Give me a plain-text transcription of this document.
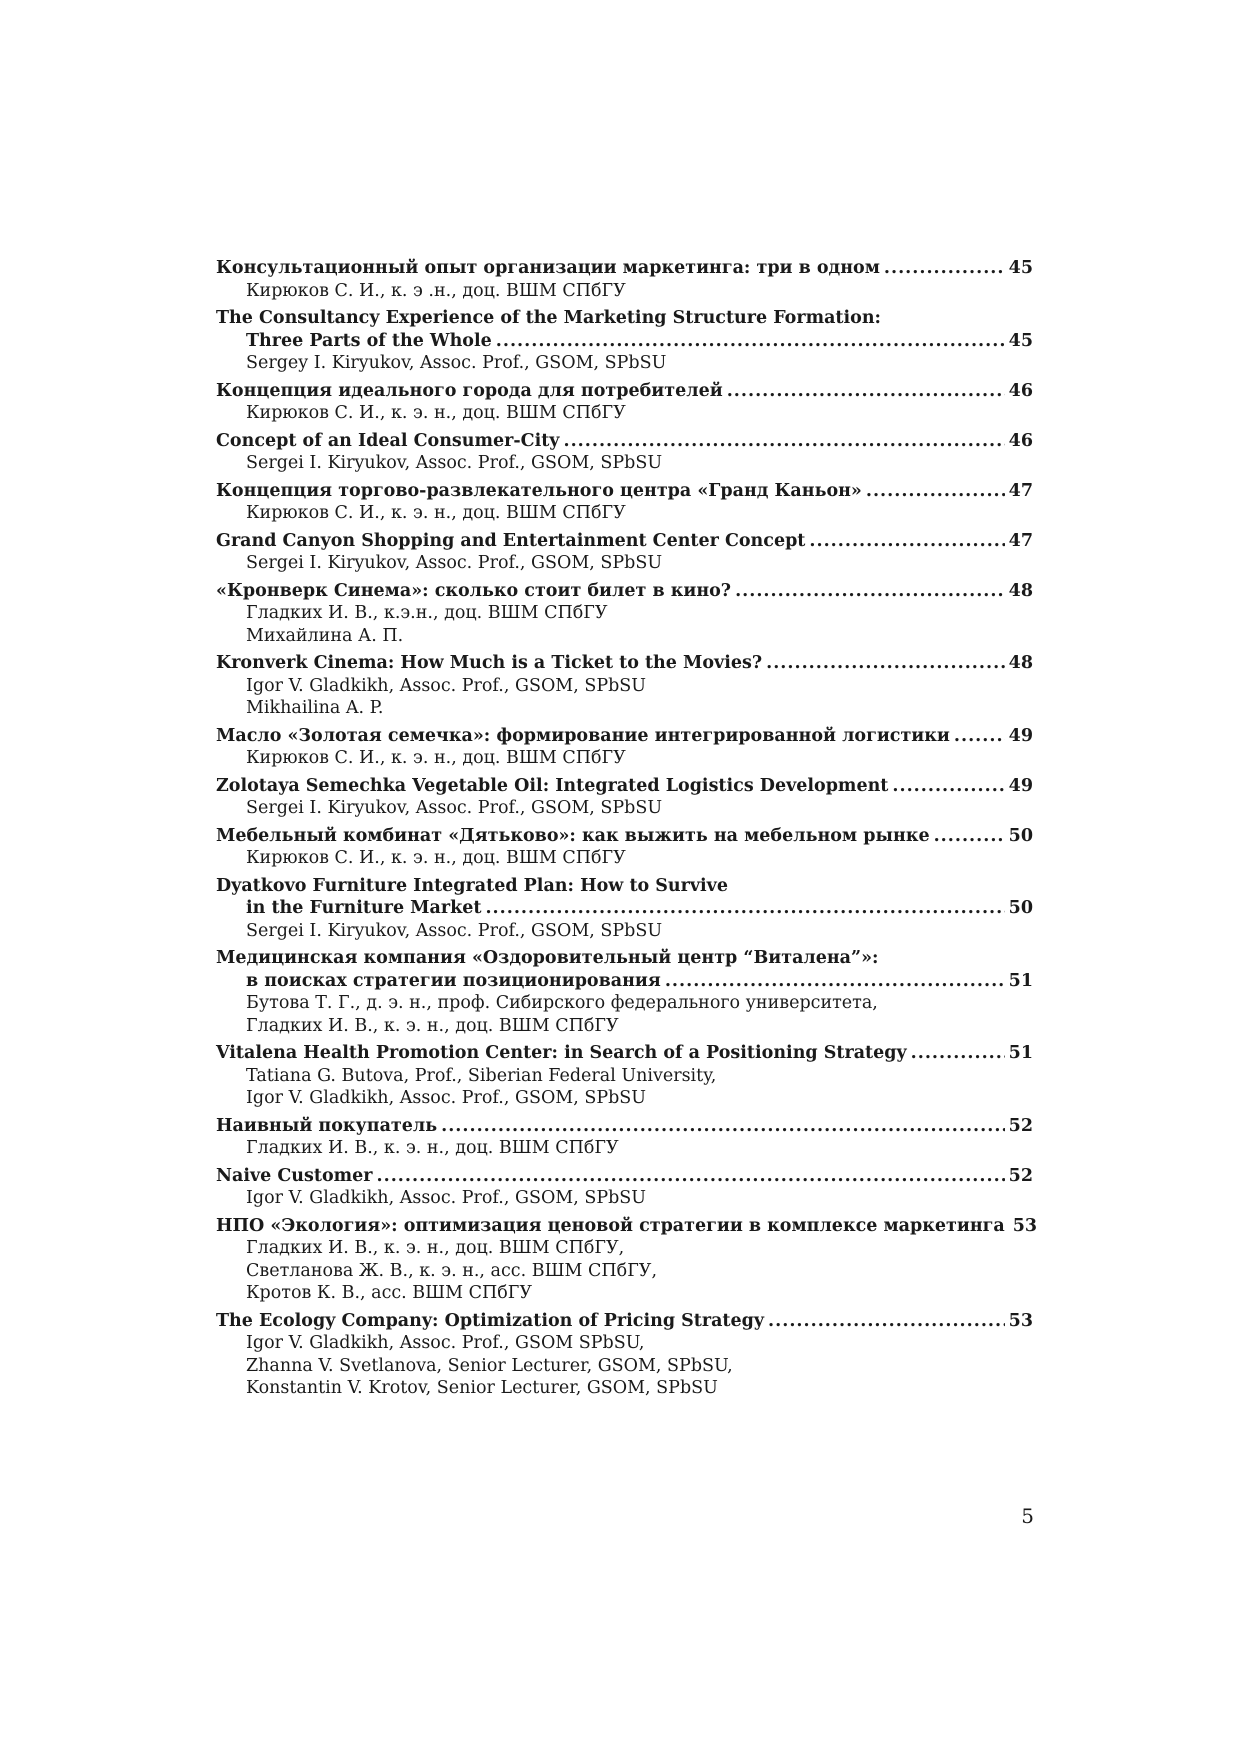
Консультационный опыт организации маркетинга: три в одном .....	45
Кирюков С. И., к. э .н., доц. ВШМ СПбГУ
The Consultancy Experience of the Marketing Structure Formation:
Three Parts of the Whole .....	45
Sergey I. Kiryukov, Assoc. Prof., GSOM, SPbSU
Концепция идеального города для потребителей .....	46
Кирюков С. И., к. э. н., доц. ВШМ СПбГУ
Concept of an Ideal Consumer-City .....	46
Sergei I. Kiryukov, Assoc. Prof., GSOM, SPbSU
Концепция торгово-развлекательного центра «Гранд Каньон» .....	47
Кирюков С. И., к. э. н., доц. ВШМ СПбГУ
Grand Canyon Shopping and Entertainment Center Concept .....	47
Sergei I. Kiryukov, Assoc. Prof., GSOM, SPbSU
«Кронверк Синема»: сколько стоит билет в кино? .....	48
Гладких И. В., к.э.н., доц. ВШМ СПбГУ
Михайлина А. П.
Kronverk Cinema: How Much is a Ticket to the Movies? .....	48
Igor V. Gladkikh, Assoc. Prof., GSOM, SPbSU
Mikhailina A. P.
Масло «Золотая семечка»: формирование интегрированной логистики .....	49
Кирюков С. И., к. э. н., доц. ВШМ СПбГУ
Zolotaya Semechka Vegetable Oil: Integrated Logistics Development .....	49
Sergei I. Kiryukov, Assoc. Prof., GSOM, SPbSU
Мебельный комбинат «Дятьково»: как выжить на мебельном рынке .....	50
Кирюков С. И., к. э. н., доц. ВШМ СПбГУ
Dyatkovo Furniture Integrated Plan: How to Survive
in the Furniture Market .....	50
Sergei I. Kiryukov, Assoc. Prof., GSOM, SPbSU
Медицинская компания «Оздоровительный центр “Виталена”»:
в поисках стратегии позиционирования .....	51
Бутова Т. Г., д. э. н., проф. Сибирского федерального университета,
Гладких И. В., к. э. н., доц. ВШМ СПбГУ
Vitalena Health Promotion Center: in Search of a Positioning Strategy .....	51
Tatiana G. Butova, Prof., Siberian Federal University,
Igor V. Gladkikh, Assoc. Prof., GSOM, SPbSU
Наивный покупатель .....	52
Гладких И. В., к. э. н., доц. ВШМ СПбГУ
Naive Customer .....	52
Igor V. Gladkikh, Assoc. Prof., GSOM, SPbSU
НПО «Экология»: оптимизация ценовой стратегии в комплексе маркетинга 53
Гладких И. В., к. э. н., доц. ВШМ СПбГУ,
Светланова Ж. В., к. э. н., асс. ВШМ СПбГУ,
Кротов К. В., асс. ВШМ СПбГУ
The Ecology Company: Optimization of Pricing Strategy .....	53
Igor V. Gladkikh, Assoc. Prof., GSOM SPbSU,
Zhanna V. Svetlanova, Senior Lecturer, GSOM, SPbSU,
Konstantin V. Krotov, Senior Lecturer, GSOM, SPbSU
5
